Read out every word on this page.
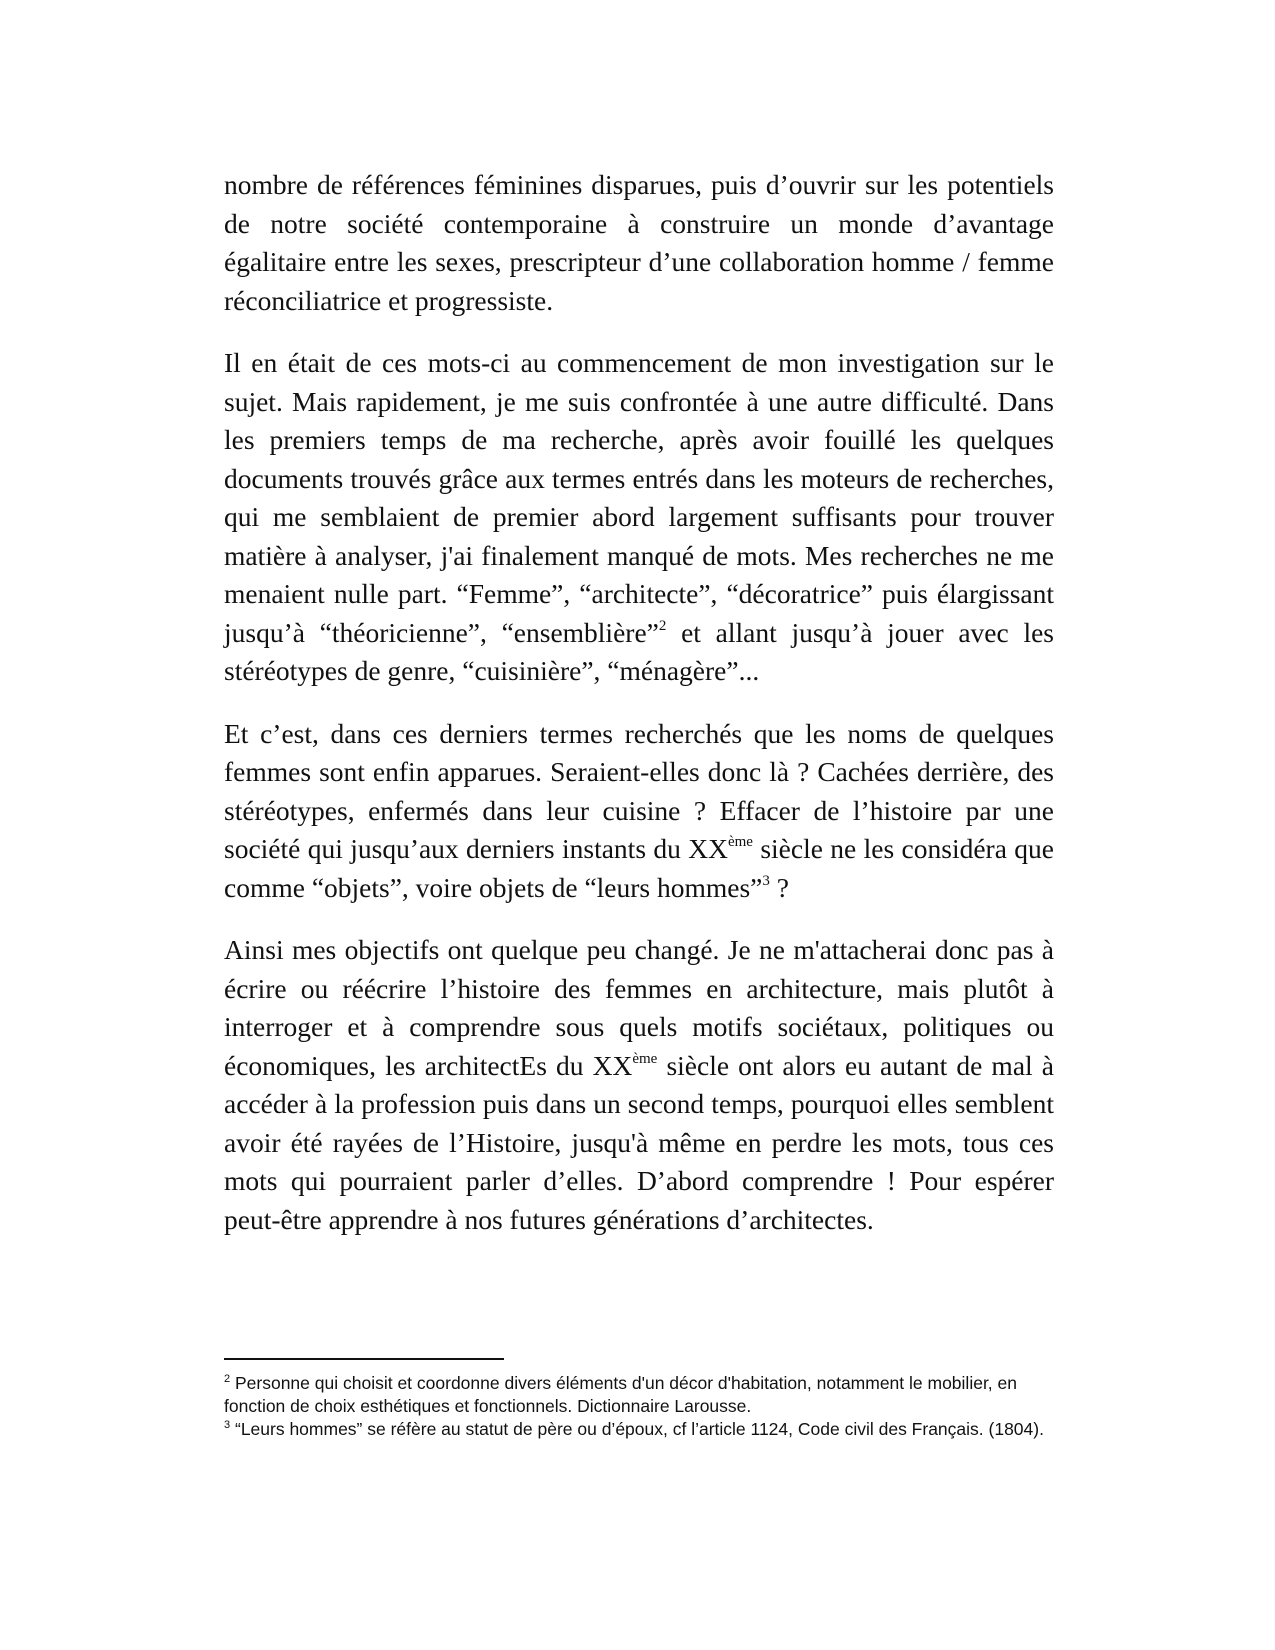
nombre de références féminines disparues, puis d’ouvrir sur les potentiels de notre société contemporaine à construire un monde d’avantage égalitaire entre les sexes, prescripteur d’une collaboration homme / femme réconciliatrice et progressiste.

Il en était de ces mots-ci au commencement de mon investigation sur le sujet. Mais rapidement, je me suis confrontée à une autre difficulté. Dans les premiers temps de ma recherche, après avoir fouillé les quelques documents trouvés grâce aux termes entrés dans les moteurs de recherches, qui me semblaient de premier abord largement suffisants pour trouver matière à analyser, j'ai finalement manqué de mots. Mes recherches ne me menaient nulle part. “Femme”, “architecte”, “décoratrice” puis élargissant jusqu’à “théoricienne”, “ensemblière”$^2$ et allant jusqu’à jouer avec les stéréotypes de genre, “cuisinière”, “ménagère”...

Et c’est, dans ces derniers termes recherchés que les noms de quelques femmes sont enfin apparues. Seraient-elles donc là ? Cachées derrière, des stéréotypes, enfermés dans leur cuisine ? Effacer de l’histoire par une société qui jusqu’aux derniers instants du XXème siècle ne les considéra que comme “objets”, voire objets de “leurs hommes”$^3$ ?

Ainsi mes objectifs ont quelque peu changé. Je ne m'attacherai donc pas à écrire ou réécrire l’histoire des femmes en architecture, mais plutôt à interroger et à comprendre sous quels motifs sociétaux, politiques ou économiques, les architectEs du XXème siècle ont alors eu autant de mal à accéder à la profession puis dans un second temps, pourquoi elles semblent avoir été rayées de l’Histoire, jusqu'à même en perdre les mots, tous ces mots qui pourraient parler d’elles. D’abord comprendre ! Pour espérer peut-être apprendre à nos futures générations d’architectes.

$^2$ Personne qui choisit et coordonne divers éléments d'un décor d'habitation, notamment le mobilier, en fonction de choix esthétiques et fonctionnels. Dictionnaire Larousse.

$^3$ “Leurs hommes” se réfère au statut de père ou d’époux, cf l’article 1124, Code civil des Français. (1804).
